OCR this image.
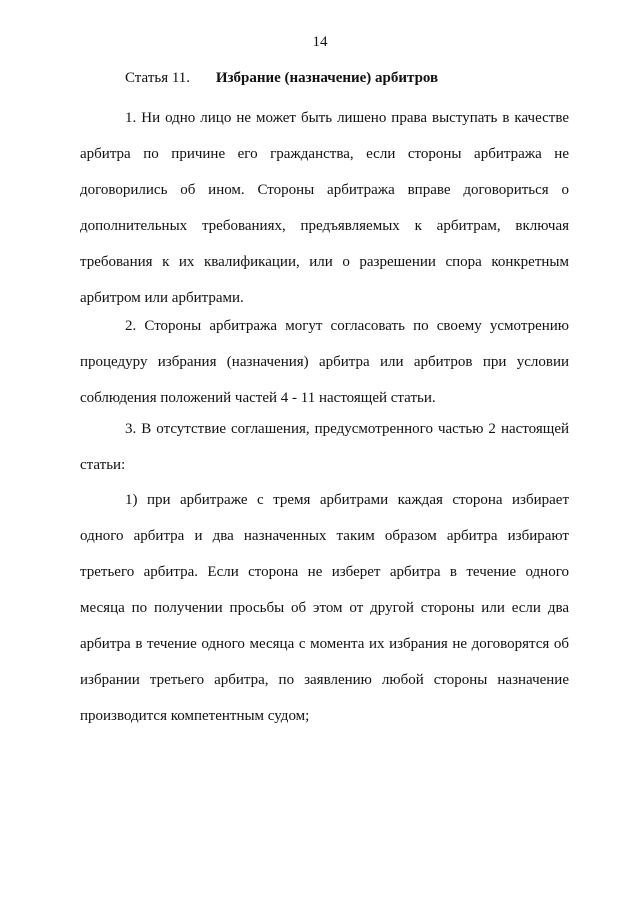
14
Статья 11. Избрание (назначение) арбитров
1. Ни одно лицо не может быть лишено права выступать в качестве
арбитра по причине его гражданства, если стороны арбитража не
договорились об ином. Стороны арбитража вправе договориться о
дополнительных требованиях, предъявляемых к арбитрам, включая
требования к их квалификации, или о разрешении спора конкретным
арбитром или арбитрами.
2. Стороны арбитража могут согласовать по своему усмотрению
процедуру избрания (назначения) арбитра или арбитров при условии
соблюдения положений частей 4 - 11 настоящей статьи.
3. В отсутствие соглашения, предусмотренного частью 2 настоящей
статьи:
1) при арбитраже с тремя арбитрами каждая сторона избирает
одного арбитра и два назначенных таким образом арбитра избирают
третьего арбитра. Если сторона не изберет арбитра в течение одного
месяца по получении просьбы об этом от другой стороны или если два
арбитра в течение одного месяца с момента их избрания не договорятся об
избрании третьего арбитра, по заявлению любой стороны назначение
производится компетентным судом;
